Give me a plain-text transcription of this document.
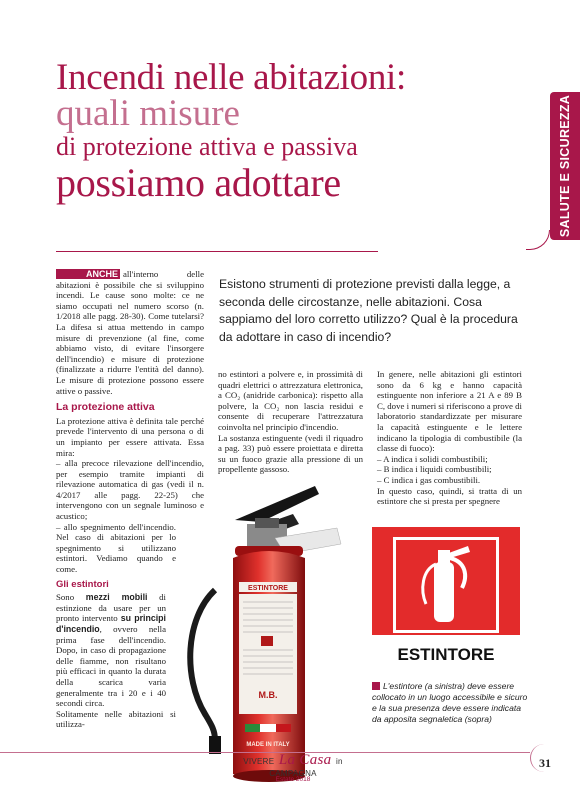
SALUTE E SICUREZZA
Incendi nelle abitazioni:
quali misure
di protezione attiva e passiva
possiamo adottare
Esistono strumenti di protezione previsti dalla legge, a seconda delle circostanze, nelle abitazioni. Cosa sappiamo del loro corretto utilizzo? Qual è la procedura da adottare in caso di incendio?

ANCHE all'interno delle abitazioni è possibile che si sviluppino incendi. Le cause sono molte: ce ne siamo occupati nel numero scorso (n. 1/2018 alle pagg. 28-30). Come tutelarsi? La difesa si attua mettendo in campo misure di prevenzione (al fine, come abbiamo visto, di evitare l'insorgere dell'incendio) e misure di protezione (finalizzate a ridurre l'entità del danno). Le misure di protezione possono essere attive o passive.

La protezione attiva

La protezione attiva è definita tale perché prevede l'intervento di una persona o di un impianto per essere attivata. Essa mira:

– alla precoce rilevazione dell'incendio, per esempio tramite impianti di rilevazione automatica di gas (vedi il n. 4/2017 alle pagg. 22-25) che intervengono con un segnale luminoso e acustico;

– allo spegnimento dell'incendio. Nel caso di abitazioni per lo spegnimento si utilizzano estintori. Vediamo quando e come.

Gli estintori

Sono mezzi mobili di estinzione da usare per un pronto intervento su principi d'incendio, ovvero nella prima fase dell'incendio. Dopo, in caso di propagazione delle fiamme, non risultano più efficaci in quanto la durata della scarica varia generalmente tra i 20 e i 40 secondi circa.

Solitamente nelle abitazioni si utilizza-

no estintori a polvere e, in prossimità di quadri elettrici o attrezzatura elettronica, a CO₂ (anidride carbonica): rispetto alla polvere, la CO₂ non lascia residui e consente di recuperare l'attrezzatura coinvolta nel principio d'incendio.

La sostanza estinguente (vedi il riquadro a pag. 33) può essere proiettata e diretta su un fuoco grazie alla pressione di un propellente gassoso.

In genere, nelle abitazioni gli estintori sono da 6 kg e hanno capacità estinguente non inferiore a 21 A e 89 B C, dove i numeri si riferiscono a prove di laboratorio standardizzate per misurare la capacità estinguente e le lettere indicano la tipologia di combustibile (la classe di fuoco):

– A indica i solidi combustibili;

– B indica i liquidi combustibili;

– C indica i gas combustibili.

In questo caso, quindi, si tratta di un estintore che si presta per spegnere

ESTINTORE
M.B.
MADE IN ITALY
ESTINTORE
L'estintore (a sinistra) deve essere collocato in un luogo accessibile e sicuro e la sua presenza deve essere indicata da apposita segnaletica (sopra)
VIVERE La Casa in CAMPAGNA
Estate 2018
31
